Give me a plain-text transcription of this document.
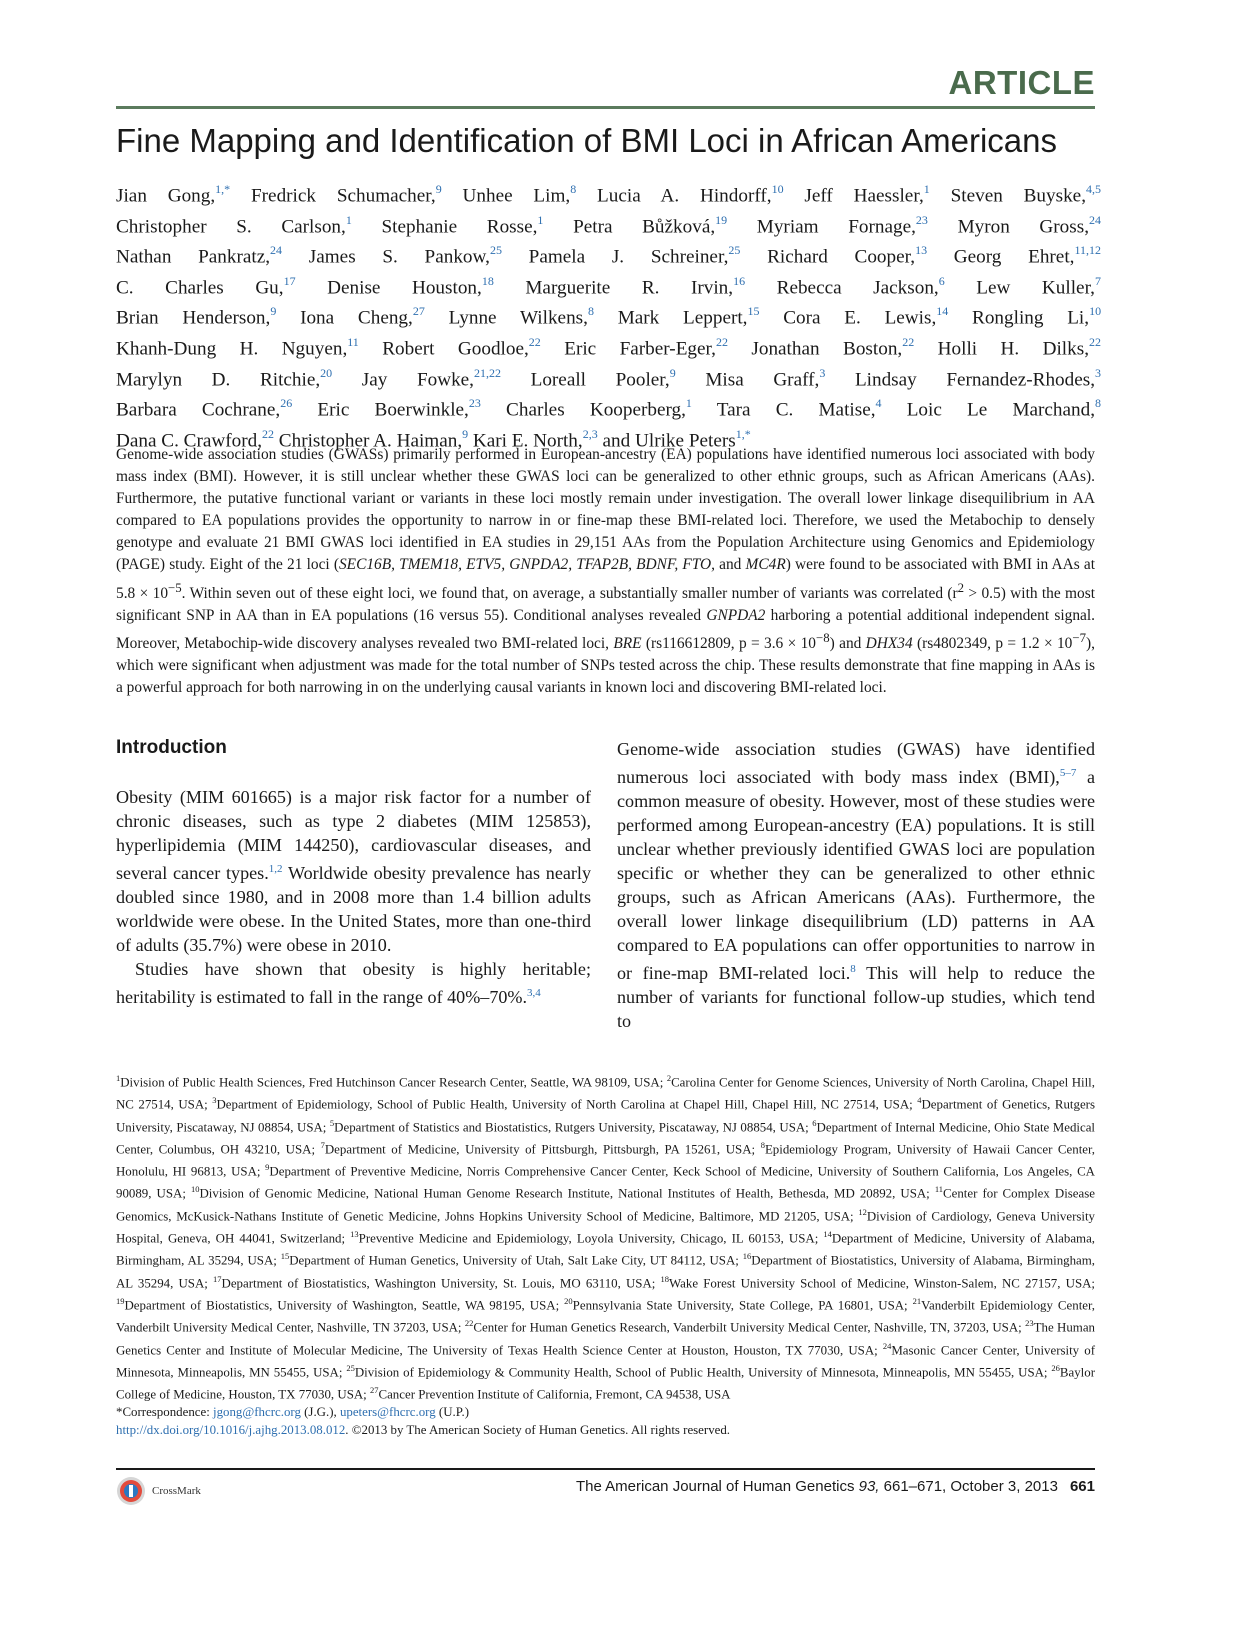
ARTICLE
Fine Mapping and Identification of BMI Loci in African Americans
Jian Gong,$^{1,*}$ Fredrick Schumacher,$^9$ Unhee Lim,$^8$ Lucia A. Hindorff,$^{10}$ Jeff Haessler,$^1$ Steven Buyske,$^{4,5}$
Christopher S. Carlson,$^1$ Stephanie Rosse,$^1$ Petra Bůžková,$^{19}$ Myriam Fornage,$^{23}$ Myron Gross,$^{24}$
Nathan Pankratz,$^{24}$ James S. Pankow,$^{25}$ Pamela J. Schreiner,$^{25}$ Richard Cooper,$^{13}$ Georg Ehret,$^{11,12}$
C. Charles Gu,$^{17}$ Denise Houston,$^{18}$ Marguerite R. Irvin,$^{16}$ Rebecca Jackson,$^6$ Lew Kuller,$^7$
Brian Henderson,$^9$ Iona Cheng,$^{27}$ Lynne Wilkens,$^8$ Mark Leppert,$^{15}$ Cora E. Lewis,$^{14}$ Rongling Li,$^{10}$
Khanh-Dung H. Nguyen,$^{11}$ Robert Goodloe,$^{22}$ Eric Farber-Eger,$^{22}$ Jonathan Boston,$^{22}$ Holli H. Dilks,$^{22}$
Marylyn D. Ritchie,$^{20}$ Jay Fowke,$^{21,22}$ Loreall Pooler,$^9$ Misa Graff,$^3$ Lindsay Fernandez-Rhodes,$^3$
Barbara Cochrane,$^{26}$ Eric Boerwinkle,$^{23}$ Charles Kooperberg,$^1$ Tara C. Matise,$^4$ Loic Le Marchand,$^8$
Dana C. Crawford,$^{22}$ Christopher A. Haiman,$^9$ Kari E. North,$^{2,3}$ and Ulrike Peters$^{1,*}$

Genome-wide association studies (GWASs) primarily performed in European-ancestry (EA) populations have identified numerous loci associated with body mass index (BMI). However, it is still unclear whether these GWAS loci can be generalized to other ethnic groups, such as African Americans (AAs). Furthermore, the putative functional variant or variants in these loci mostly remain under investigation. The overall lower linkage disequilibrium in AA compared to EA populations provides the opportunity to narrow in or fine-map these BMI-related loci. Therefore, we used the Metabochip to densely genotype and evaluate 21 BMI GWAS loci identified in EA studies in 29,151 AAs from the Population Architecture using Genomics and Epidemiology (PAGE) study. Eight of the 21 loci (SEC16B, TMEM18, ETV5, GNPDA2, TFAP2B, BDNF, FTO, and MC4R) were found to be associated with BMI in AAs at $5.8 \times 10^{-5}$. Within seven out of these eight loci, we found that, on average, a substantially smaller number of variants was correlated $(r^2 > 0.5)$ with the most significant SNP in AA than in EA populations (16 versus 55). Conditional analyses revealed GNPDA2 harboring a potential additional independent signal. Moreover, Metabochip-wide discovery analyses revealed two BMI-related loci, BRE (rs116612809, $p = 3.6 \times 10^{-8}$) and DHX34 (rs4802349, $p = 1.2 \times 10^{-7}$), which were significant when adjustment was made for the total number of SNPs tested across the chip. These results demonstrate that fine mapping in AAs is a powerful approach for both narrowing in on the underlying causal variants in known loci and discovering BMI-related loci.

Introduction

Obesity (MIM 601665) is a major risk factor for a number of chronic diseases, such as type 2 diabetes (MIM 125853), hyperlipidemia (MIM 144250), cardiovascular diseases, and several cancer types.$^{1,2}$ Worldwide obesity prevalence has nearly doubled since 1980, and in 2008 more than 1.4 billion adults worldwide were obese. In the United States, more than one-third of adults (35.7%) were obese in 2010.

Studies have shown that obesity is highly heritable; heritability is estimated to fall in the range of 40%–70%.$^{3,4}$

Genome-wide association studies (GWAS) have identified numerous loci associated with body mass index (BMI),$^{5-7}$ a common measure of obesity. However, most of these studies were performed among European-ancestry (EA) populations. It is still unclear whether previously identified GWAS loci are population specific or whether they can be generalized to other ethnic groups, such as African Americans (AAs). Furthermore, the overall lower linkage disequilibrium (LD) patterns in AA compared to EA populations can offer opportunities to narrow in or fine-map BMI-related loci.$^8$ This will help to reduce the number of variants for functional follow-up studies, which tend to

$^1$Division of Public Health Sciences, Fred Hutchinson Cancer Research Center, Seattle, WA 98109, USA; $^2$Carolina Center for Genome Sciences, University of North Carolina, Chapel Hill, NC 27514, USA; $^3$Department of Epidemiology, School of Public Health, University of North Carolina at Chapel Hill, Chapel Hill, NC 27514, USA; $^4$Department of Genetics, Rutgers University, Piscataway, NJ 08854, USA; $^5$Department of Statistics and Biostatistics, Rutgers University, Piscataway, NJ 08854, USA; $^6$Department of Internal Medicine, Ohio State Medical Center, Columbus, OH 43210, USA; $^7$Department of Medicine, University of Pittsburgh, Pittsburgh, PA 15261, USA; $^8$Epidemiology Program, University of Hawaii Cancer Center, Honolulu, HI 96813, USA; $^9$Department of Preventive Medicine, Norris Comprehensive Cancer Center, Keck School of Medicine, University of Southern California, Los Angeles, CA 90089, USA; $^{10}$Division of Genomic Medicine, National Human Genome Research Institute, National Institutes of Health, Bethesda, MD 20892, USA; $^{11}$Center for Complex Disease Genomics, McKusick-Nathans Institute of Genetic Medicine, Johns Hopkins University School of Medicine, Baltimore, MD 21205, USA; $^{12}$Division of Cardiology, Geneva University Hospital, Geneva, OH 44041, Switzerland; $^{13}$Preventive Medicine and Epidemiology, Loyola University, Chicago, IL 60153, USA; $^{14}$Department of Medicine, University of Alabama, Birmingham, AL 35294, USA; $^{15}$Department of Human Genetics, University of Utah, Salt Lake City, UT 84112, USA; $^{16}$Department of Biostatistics, University of Alabama, Birmingham, AL 35294, USA; $^{17}$Department of Biostatistics, Washington University, St. Louis, MO 63110, USA; $^{18}$Wake Forest University School of Medicine, Winston-Salem, NC 27157, USA; $^{19}$Department of Biostatistics, University of Washington, Seattle, WA 98195, USA; $^{20}$Pennsylvania State University, State College, PA 16801, USA; $^{21}$Vanderbilt Epidemiology Center, Vanderbilt University Medical Center, Nashville, TN 37203, USA; $^{22}$Center for Human Genetics Research, Vanderbilt University Medical Center, Nashville, TN, 37203, USA; $^{23}$The Human Genetics Center and Institute of Molecular Medicine, The University of Texas Health Science Center at Houston, Houston, TX 77030, USA; $^{24}$Masonic Cancer Center, University of Minnesota, Minneapolis, MN 55455, USA; $^{25}$Division of Epidemiology & Community Health, School of Public Health, University of Minnesota, Minneapolis, MN 55455, USA; $^{26}$Baylor College of Medicine, Houston, TX 77030, USA; $^{27}$Cancer Prevention Institute of California, Fremont, CA 94538, USA

*Correspondence: jgong@fhcrc.org (J.G.), upeters@fhcrc.org (U.P.)

http://dx.doi.org/10.1016/j.ajhg.2013.08.012. ©2013 by The American Society of Human Genetics. All rights reserved.

CrossMark	The American Journal of Human Genetics 93, 661–671, October 3, 2013 661
